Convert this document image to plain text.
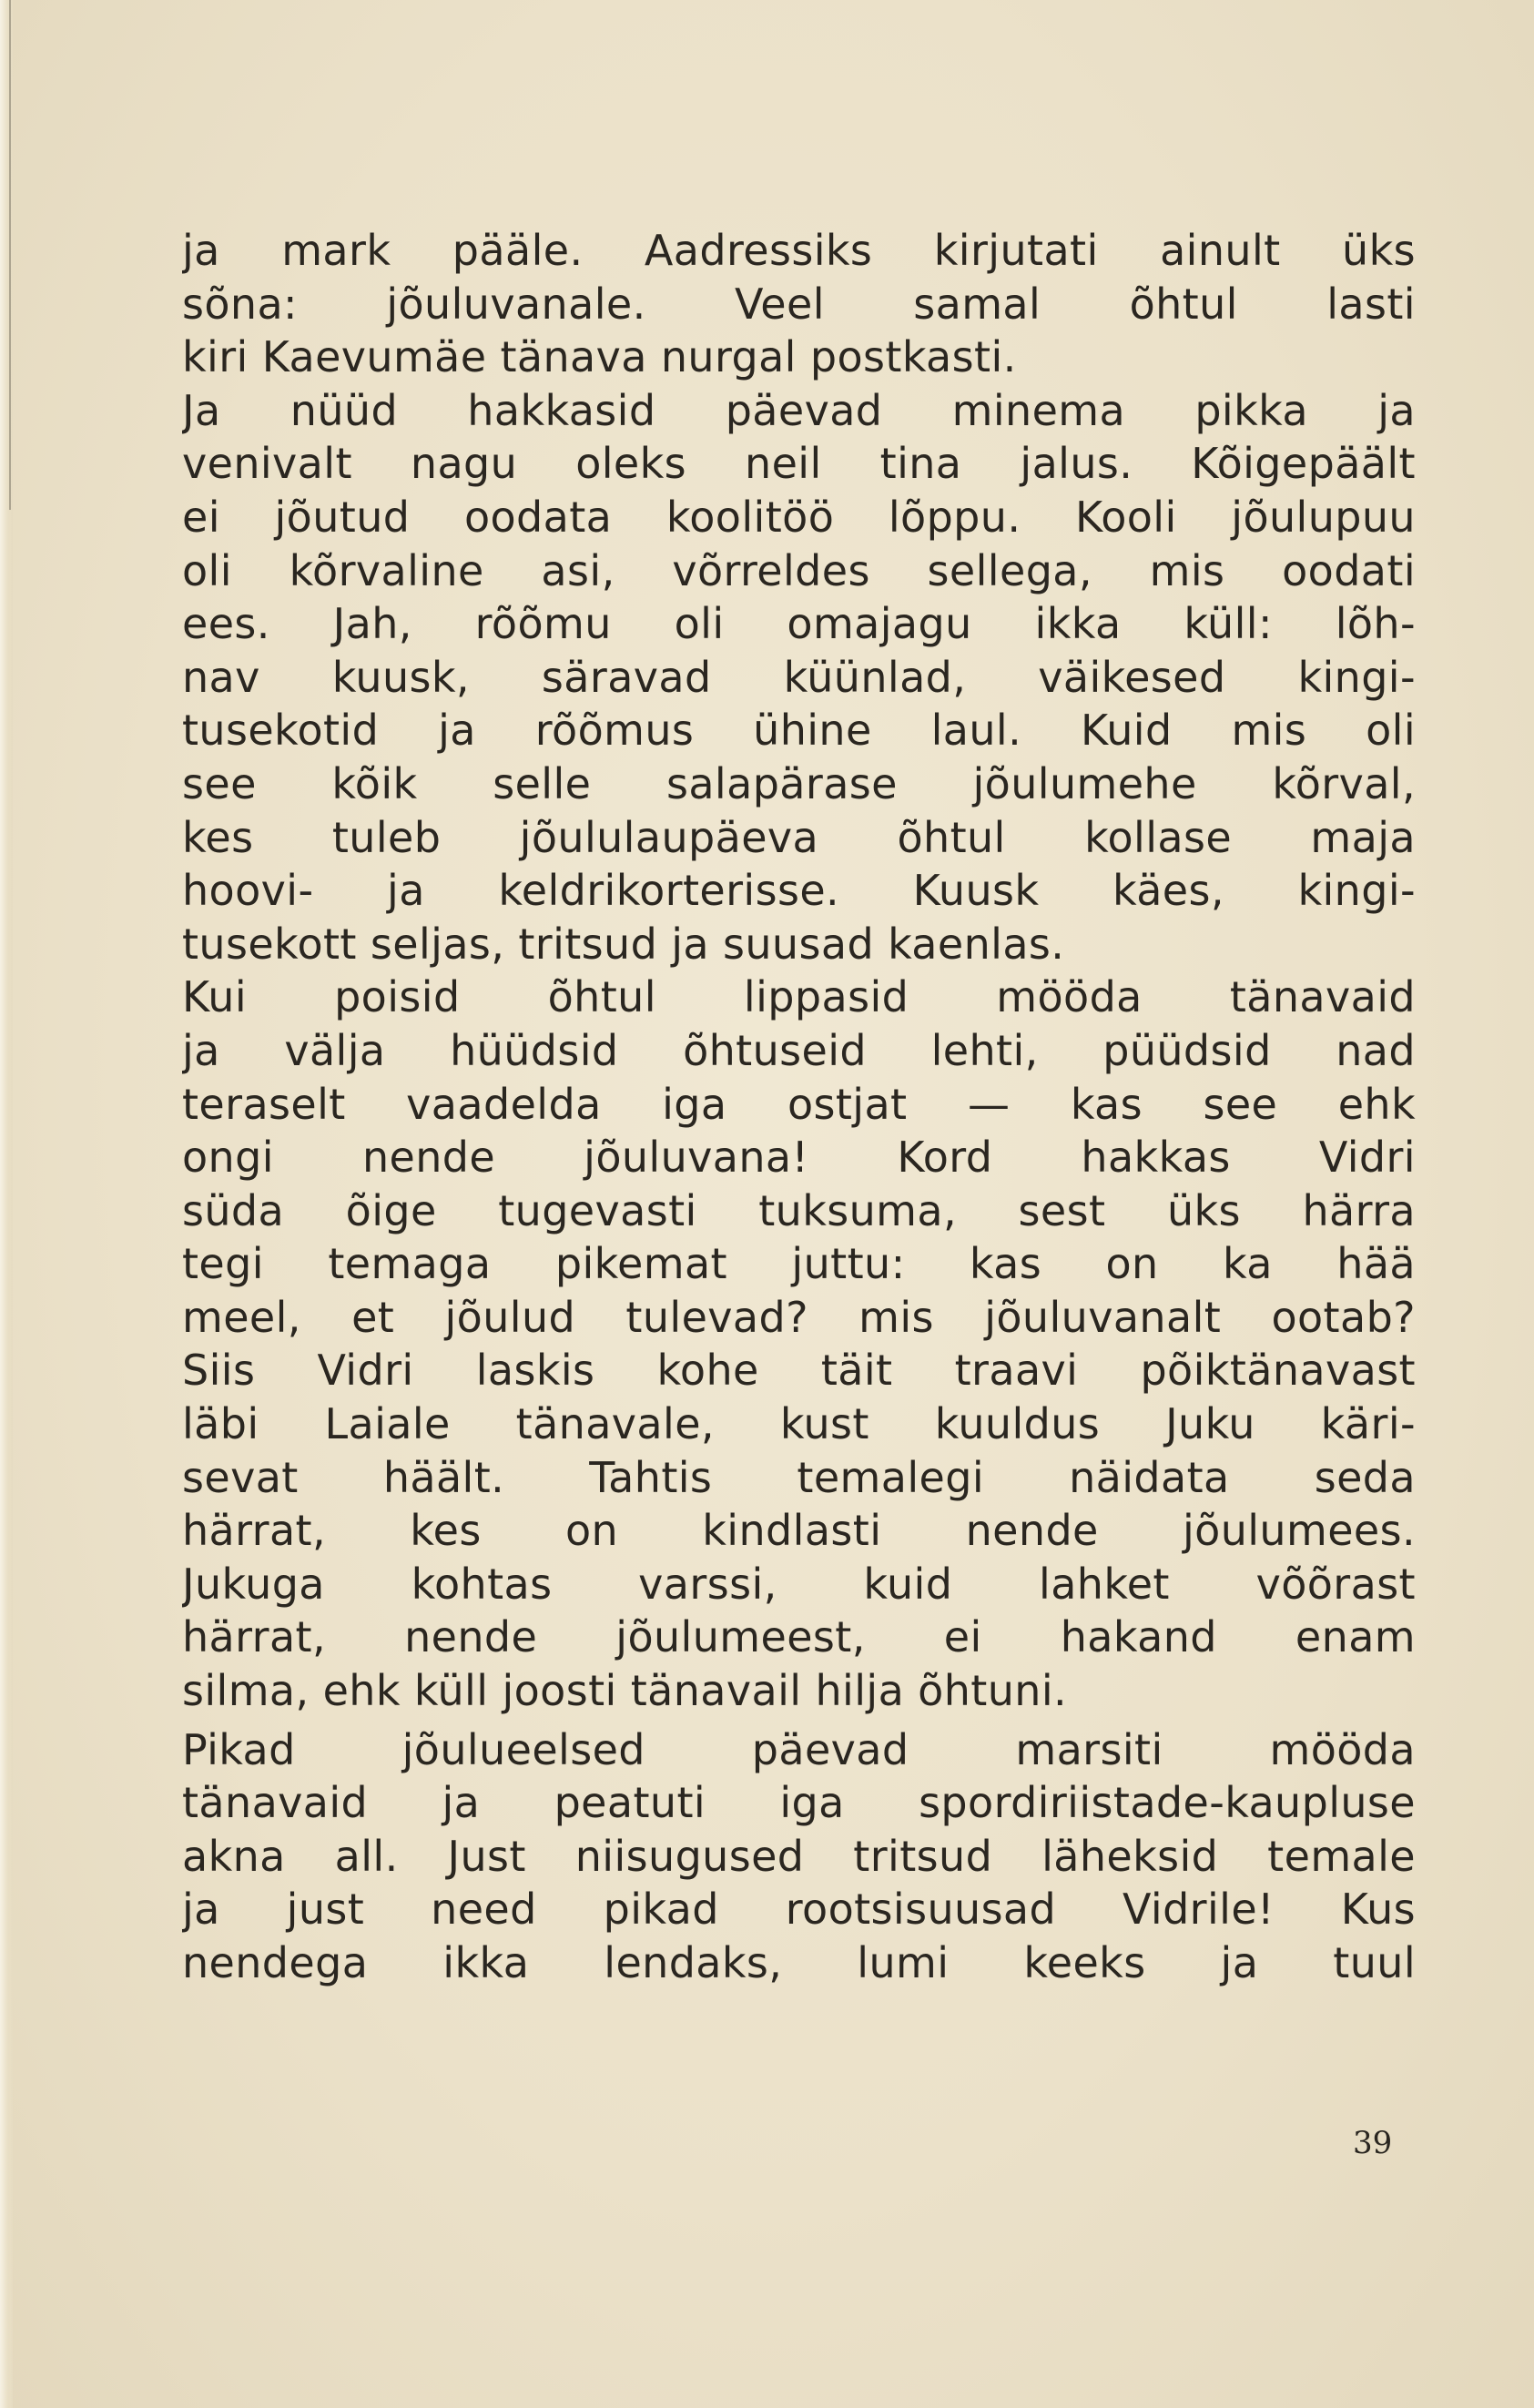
ja mark pääle. Aadressiks kirjutati ainult üks
sõna: jõuluvanale. Veel samal õhtul lasti
kiri Kaevumäe tänava nurgal postkasti.
Ja nüüd hakkasid päevad minema pikka ja
venivalt nagu oleks neil tina jalus. Kõigepäält
ei jõutud oodata koolitöö lõppu. Kooli jõulupuu
oli kõrvaline asi, võrreldes sellega, mis oodati
ees. Jah, rõõmu oli omajagu ikka küll: lõh-
nav kuusk, säravad küünlad, väikesed kingi-
tusekotid ja rõõmus ühine laul. Kuid mis oli
see kõik selle salapärase jõulumehe kõrval,
kes tuleb jõululaupäeva õhtul kollase maja
hoovi- ja keldrikorterisse. Kuusk käes, kingi-
tusekott seljas, tritsud ja suusad kaenlas.
Kui poisid õhtul lippasid mööda tänavaid
ja välja hüüdsid õhtuseid lehti, püüdsid nad
teraselt vaadelda iga ostjat — kas see ehk
ongi nende jõuluvana! Kord hakkas Vidri
süda õige tugevasti tuksuma, sest üks härra
tegi temaga pikemat juttu: kas on ka hää
meel, et jõulud tulevad? mis jõuluvanalt ootab?
Siis Vidri laskis kohe täit traavi põiktänavast
läbi Laiale tänavale, kust kuuldus Juku käri-
sevat häält. Tahtis temalegi näidata seda
härrat, kes on kindlasti nende jõulumees.
Jukuga kohtas varssi, kuid lahket võõrast
härrat, nende jõulumeest, ei hakand enam
silma, ehk küll joosti tänavail hilja õhtuni.
Pikad jõulueelsed päevad marsiti mööda
tänavaid ja peatuti iga spordiriistade-kaupluse
akna all. Just niisugused tritsud läheksid temale
ja just need pikad rootsisuusad Vidrile! Kus
nendega ikka lendaks, lumi keeks ja tuul
39
